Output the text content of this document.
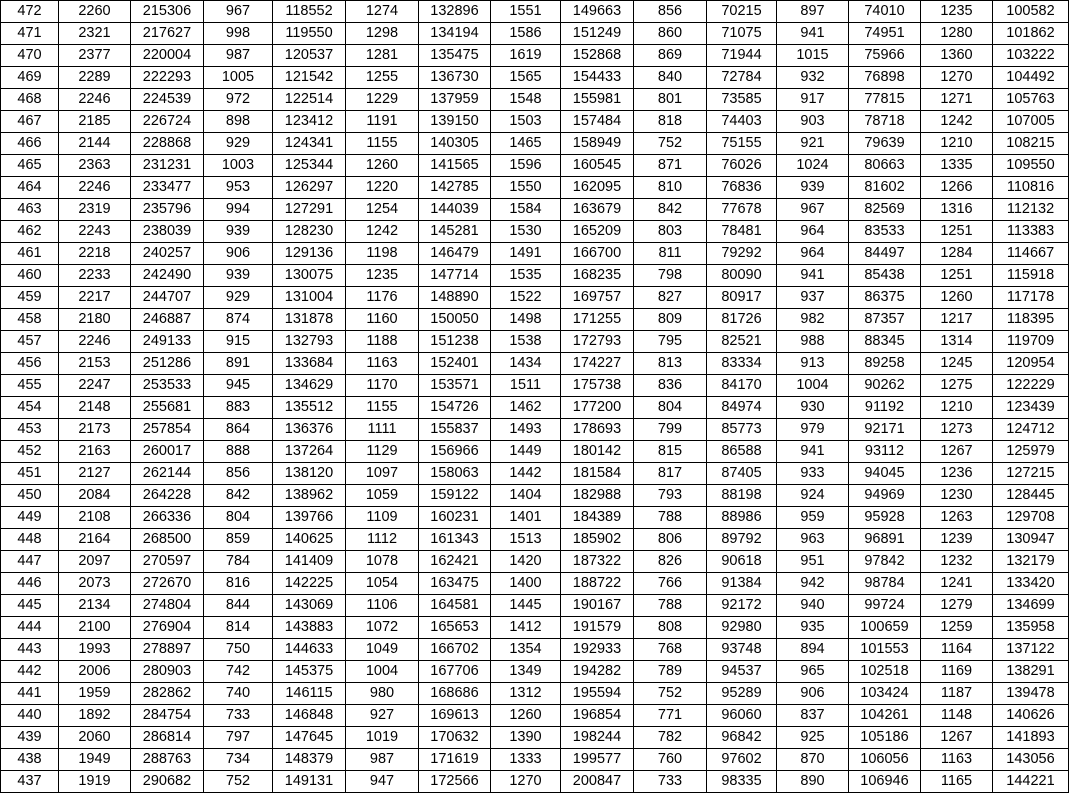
472	2260	215306	967	118552	1274	132896	1551	149663	856	70215	897	74010	1235	100582
471	2321	217627	998	119550	1298	134194	1586	151249	860	71075	941	74951	1280	101862
470	2377	220004	987	120537	1281	135475	1619	152868	869	71944	1015	75966	1360	103222
469	2289	222293	1005	121542	1255	136730	1565	154433	840	72784	932	76898	1270	104492
468	2246	224539	972	122514	1229	137959	1548	155981	801	73585	917	77815	1271	105763
467	2185	226724	898	123412	1191	139150	1503	157484	818	74403	903	78718	1242	107005
466	2144	228868	929	124341	1155	140305	1465	158949	752	75155	921	79639	1210	108215
465	2363	231231	1003	125344	1260	141565	1596	160545	871	76026	1024	80663	1335	109550
464	2246	233477	953	126297	1220	142785	1550	162095	810	76836	939	81602	1266	110816
463	2319	235796	994	127291	1254	144039	1584	163679	842	77678	967	82569	1316	112132
462	2243	238039	939	128230	1242	145281	1530	165209	803	78481	964	83533	1251	113383
461	2218	240257	906	129136	1198	146479	1491	166700	811	79292	964	84497	1284	114667
460	2233	242490	939	130075	1235	147714	1535	168235	798	80090	941	85438	1251	115918
459	2217	244707	929	131004	1176	148890	1522	169757	827	80917	937	86375	1260	117178
458	2180	246887	874	131878	1160	150050	1498	171255	809	81726	982	87357	1217	118395
457	2246	249133	915	132793	1188	151238	1538	172793	795	82521	988	88345	1314	119709
456	2153	251286	891	133684	1163	152401	1434	174227	813	83334	913	89258	1245	120954
455	2247	253533	945	134629	1170	153571	1511	175738	836	84170	1004	90262	1275	122229
454	2148	255681	883	135512	1155	154726	1462	177200	804	84974	930	91192	1210	123439
453	2173	257854	864	136376	1111	155837	1493	178693	799	85773	979	92171	1273	124712
452	2163	260017	888	137264	1129	156966	1449	180142	815	86588	941	93112	1267	125979
451	2127	262144	856	138120	1097	158063	1442	181584	817	87405	933	94045	1236	127215
450	2084	264228	842	138962	1059	159122	1404	182988	793	88198	924	94969	1230	128445
449	2108	266336	804	139766	1109	160231	1401	184389	788	88986	959	95928	1263	129708
448	2164	268500	859	140625	1112	161343	1513	185902	806	89792	963	96891	1239	130947
447	2097	270597	784	141409	1078	162421	1420	187322	826	90618	951	97842	1232	132179
446	2073	272670	816	142225	1054	163475	1400	188722	766	91384	942	98784	1241	133420
445	2134	274804	844	143069	1106	164581	1445	190167	788	92172	940	99724	1279	134699
444	2100	276904	814	143883	1072	165653	1412	191579	808	92980	935	100659	1259	135958
443	1993	278897	750	144633	1049	166702	1354	192933	768	93748	894	101553	1164	137122
442	2006	280903	742	145375	1004	167706	1349	194282	789	94537	965	102518	1169	138291
441	1959	282862	740	146115	980	168686	1312	195594	752	95289	906	103424	1187	139478
440	1892	284754	733	146848	927	169613	1260	196854	771	96060	837	104261	1148	140626
439	2060	286814	797	147645	1019	170632	1390	198244	782	96842	925	105186	1267	141893
438	1949	288763	734	148379	987	171619	1333	199577	760	97602	870	106056	1163	143056
437	1919	290682	752	149131	947	172566	1270	200847	733	98335	890	106946	1165	144221
